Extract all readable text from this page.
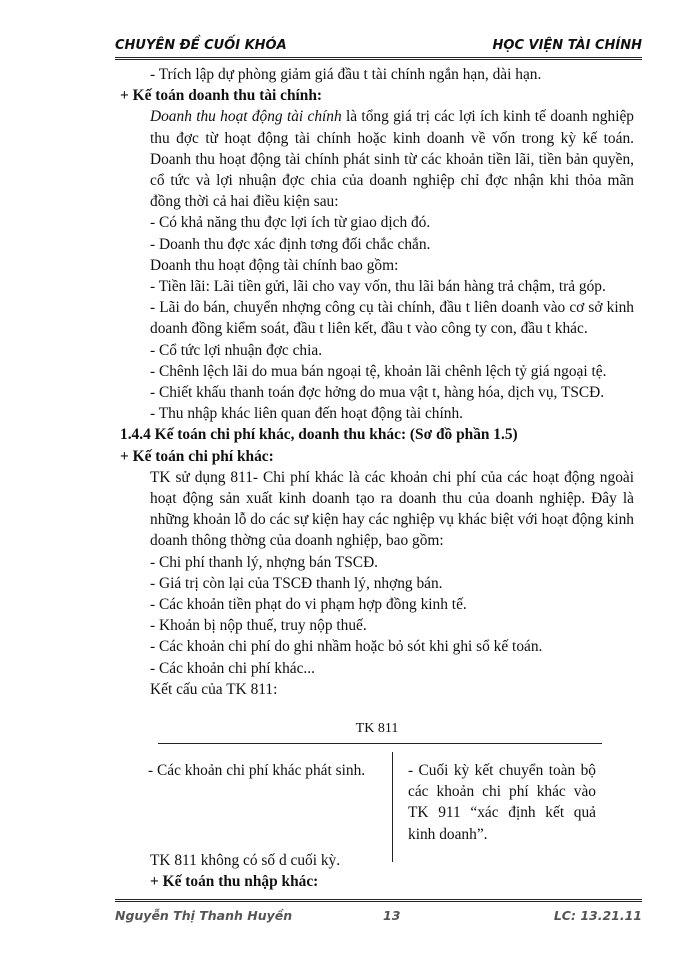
CHUYÊN ĐỀ CUỐI KHÓA	HỌC VIỆN TÀI CHÍNH

- Trích lập dự phòng giảm giá đầu t tài chính ngắn hạn, dài hạn.

+ Kế toán doanh thu tài chính:

Doanh thu hoạt động tài chính là tổng giá trị các lợi ích kinh tế doanh nghiệp thu đợc từ hoạt động tài chính hoặc kinh doanh về vốn trong kỳ kế toán. Doanh thu hoạt động tài chính phát sinh từ các khoản tiền lãi, tiền bản quyền, cổ tức và lợi nhuận đợc chia của doanh nghiệp chỉ đợc nhận khi thỏa mãn đồng thời cả hai điều kiện sau:

- Có khả năng thu đợc lợi ích từ giao dịch đó.

- Doanh thu đợc xác định tơng đối chắc chắn.

Doanh thu hoạt động tài chính bao gồm:

- Tiền lãi: Lãi tiền gửi, lãi cho vay vốn, thu lãi bán hàng trả chậm, trả góp.

- Lãi do bán, chuyển nhợng công cụ tài chính, đầu t liên doanh vào cơ sở kinh doanh đồng kiểm soát, đầu t liên kết, đầu t vào công ty con, đầu t khác.

- Cổ tức lợi nhuận đợc chia.

- Chênh lệch lãi do mua bán ngoại tệ, khoản lãi chênh lệch tỷ giá ngoại tệ.

- Chiết khấu thanh toán đợc hởng do mua vật t, hàng hóa, dịch vụ, TSCĐ.

- Thu nhập khác liên quan đến hoạt động tài chính.

1.4.4 Kế toán chi phí khác, doanh thu khác: (Sơ đồ phần 1.5)

+ Kế toán chi phí khác:

TK sử dụng 811- Chi phí khác là các khoản chi phí của các hoạt động ngoài hoạt động sản xuất kinh doanh tạo ra doanh thu của doanh nghiệp. Đây là những khoản lỗ do các sự kiện hay các nghiệp vụ khác biệt với hoạt động kinh doanh thông thờng của doanh nghiệp, bao gồm:

- Chi phí thanh lý, nhợng bán TSCĐ.

- Giá trị còn lại của TSCĐ thanh lý, nhợng bán.

- Các khoản tiền phạt do vi phạm hợp đồng kinh tế.

- Khoản bị nộp thuế, truy nộp thuế.

- Các khoản chi phí do ghi nhầm hoặc bỏ sót khi ghi sổ kế toán.

- Các khoản chi phí khác...

Kết cấu của TK 811:

TK 811
- Các khoản chi phí khác phát sinh.	- Cuối kỳ kết chuyển toàn bộ các khoản chi phí khác vào TK 911 “xác định kết quả kinh doanh”.

TK 811 không có số d cuối kỳ.

+ Kế toán thu nhập khác:

Nguyễn Thị Thanh Huyền	13	LC: 13.21.11
